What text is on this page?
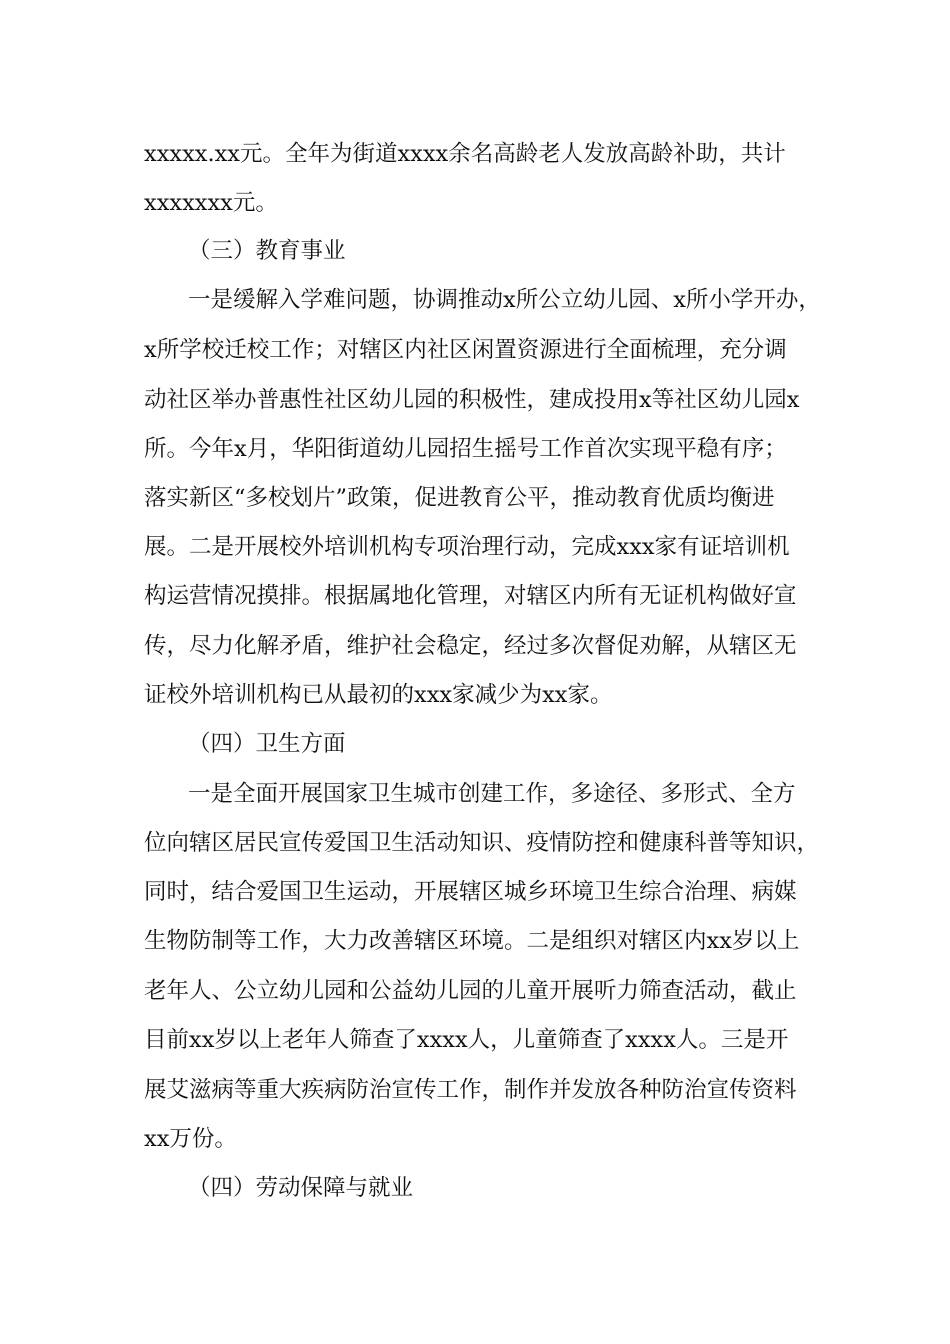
xxxxx.xx元。全年为街道xxxx余名高龄老人发放高龄补助，共计
xxxxxxx元。
（三）教育事业
一是缓解入学难问题，协调推动x所公立幼儿园、x所小学开办，
x所学校迁校工作；对辖区内社区闲置资源进行全面梳理，充分调
动社区举办普惠性社区幼儿园的积极性，建成投用x等社区幼儿园x
所。今年x月，华阳街道幼儿园招生摇号工作首次实现平稳有序；
落实新区“多校划片”政策，促进教育公平，推动教育优质均衡进
展。二是开展校外培训机构专项治理行动，完成xxx家有证培训机
构运营情况摸排。根据属地化管理，对辖区内所有无证机构做好宣
传，尽力化解矛盾，维护社会稳定，经过多次督促劝解，从辖区无
证校外培训机构已从最初的xxx家减少为xx家。
（四）卫生方面
一是全面开展国家卫生城市创建工作，多途径、多形式、全方
位向辖区居民宣传爱国卫生活动知识、疫情防控和健康科普等知识，
同时，结合爱国卫生运动，开展辖区城乡环境卫生综合治理、病媒
生物防制等工作，大力改善辖区环境。二是组织对辖区内xx岁以上
老年人、公立幼儿园和公益幼儿园的儿童开展听力筛查活动，截止
目前xx岁以上老年人筛查了xxxx人，儿童筛查了xxxx人。三是开
展艾滋病等重大疾病防治宣传工作，制作并发放各种防治宣传资料
xx万份。
（四）劳动保障与就业
